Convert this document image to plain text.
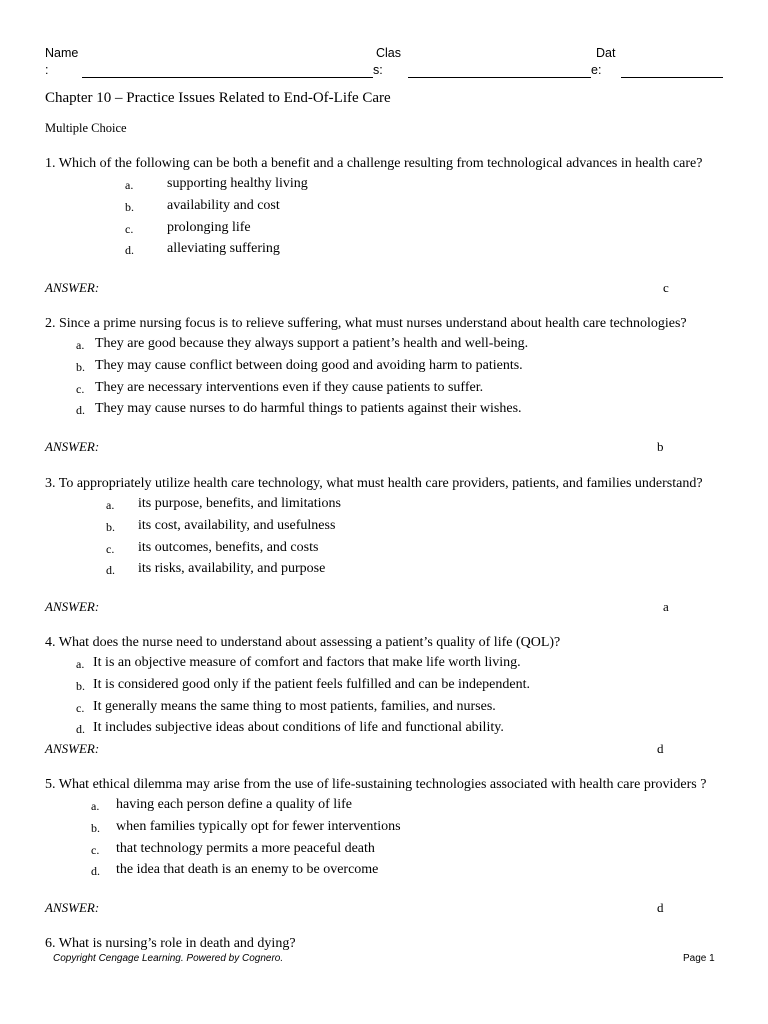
Name
:
Clas
s:
Dat
e:
Chapter 10 – Practice Issues Related to End-Of-Life Care
Multiple Choice

1. Which of the following can be both a benefit and a challenge resulting from technological advances in health care?

a. supporting healthy living
b. availability and cost
c. prolonging life
d. alleviating suffering
ANSWER:	c

2. Since a prime nursing focus is to relieve suffering, what must nurses understand about health care technologies?

a. They are good because they always support a patient’s health and well-being.
b. They may cause conflict between doing good and avoiding harm to patients.
c. They are necessary interventions even if they cause patients to suffer.
d. They may cause nurses to do harmful things to patients against their wishes.
ANSWER:	b

3. To appropriately utilize health care technology, what must health care providers, patients, and families understand?

a. its purpose, benefits, and limitations
b. its cost, availability, and usefulness
c. its outcomes, benefits, and costs
d. its risks, availability, and purpose
ANSWER:	a

4. What does the nurse need to understand about assessing a patient’s quality of life (QOL)?

a. It is an objective measure of comfort and factors that make life worth living.
b. It is considered good only if the patient feels fulfilled and can be independent.
c. It generally means the same thing to most patients, families, and nurses.
d. It includes subjective ideas about conditions of life and functional ability.
ANSWER:	d

5. What ethical dilemma may arise from the use of life-sustaining technologies associated with health care providers ?

a. having each person define a quality of life
b. when families typically opt for fewer interventions
c. that technology permits a more peaceful death
d. the idea that death is an enemy to be overcome
ANSWER:	d

6. What is nursing’s role in death and dying?

Copyright Cengage Learning. Powered by Cognero.	Page 1
